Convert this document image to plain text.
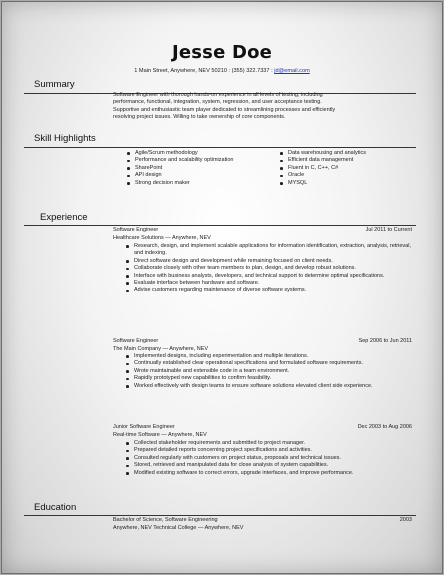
Jesse Doe
1 Main Street, Anywhere, NEV 50210 : (355) 322.7337 : jd@email.com
Summary
Software Engineer with thorough hands-on experience in all levels of testing, including
performance, functional, integration, system, regression, and user acceptance testing.
Supportive and enthusiastic team player dedicated to streamlining processes and efficiently
resolving project issues. Willing to take ownership of core components.
Skill Highlights
Agile/Scrum methodology
Performance and scalability optimization
SharePoint
API design
Strong decision maker
Data warehousing and analytics
Efficient data management
Fluent in C, C++, C#
Oracle
MYSQL
Experience
Software Engineer	Jul 2011 to Current
Healthcare Solutions — Anywhere, NEV
Research, design, and implement scalable applications for information identification, extraction, analysis, retrieval, and indexing.
Direct software design and development while remaining focused on client needs.
Collaborate closely with other team members to plan, design, and develop robust solutions.
Interface with business analysts, developers, and technical support to determine optimal specifications.
Evaluate interface between hardware and software.
Advise customers regarding maintenance of diverse software systems.
Software Engineer	Sep 2006 to Jun 2011
The Main Company — Anywhere, NEV
Implemented designs, including experimentation and multiple iterations.
Continually established clear operational specifications and formulated software requirements.
Wrote maintainable and extensible code in a team environment.
Rapidly prototyped new capabilities to confirm feasibility.
Worked effectively with design teams to ensure software solutions elevated client side experience.
Junior Software Engineer	Dec 2003 to Aug 2006
Real-time Software — Anywhere, NEV
Collected stakeholder requirements and submitted to project manager.
Prepared detailed reports concerning project specifications and activities.
Consulted regularly with customers on project status, proposals and technical issues.
Stored, retrieved and manipulated data for close analysis of system capabilities.
Modified existing software to correct errors, upgrade interfaces, and improve performance.
Education
Bachelor of Science, Software Engineering	2003
Anywhere, NEV Technical College — Anywhere, NEV
